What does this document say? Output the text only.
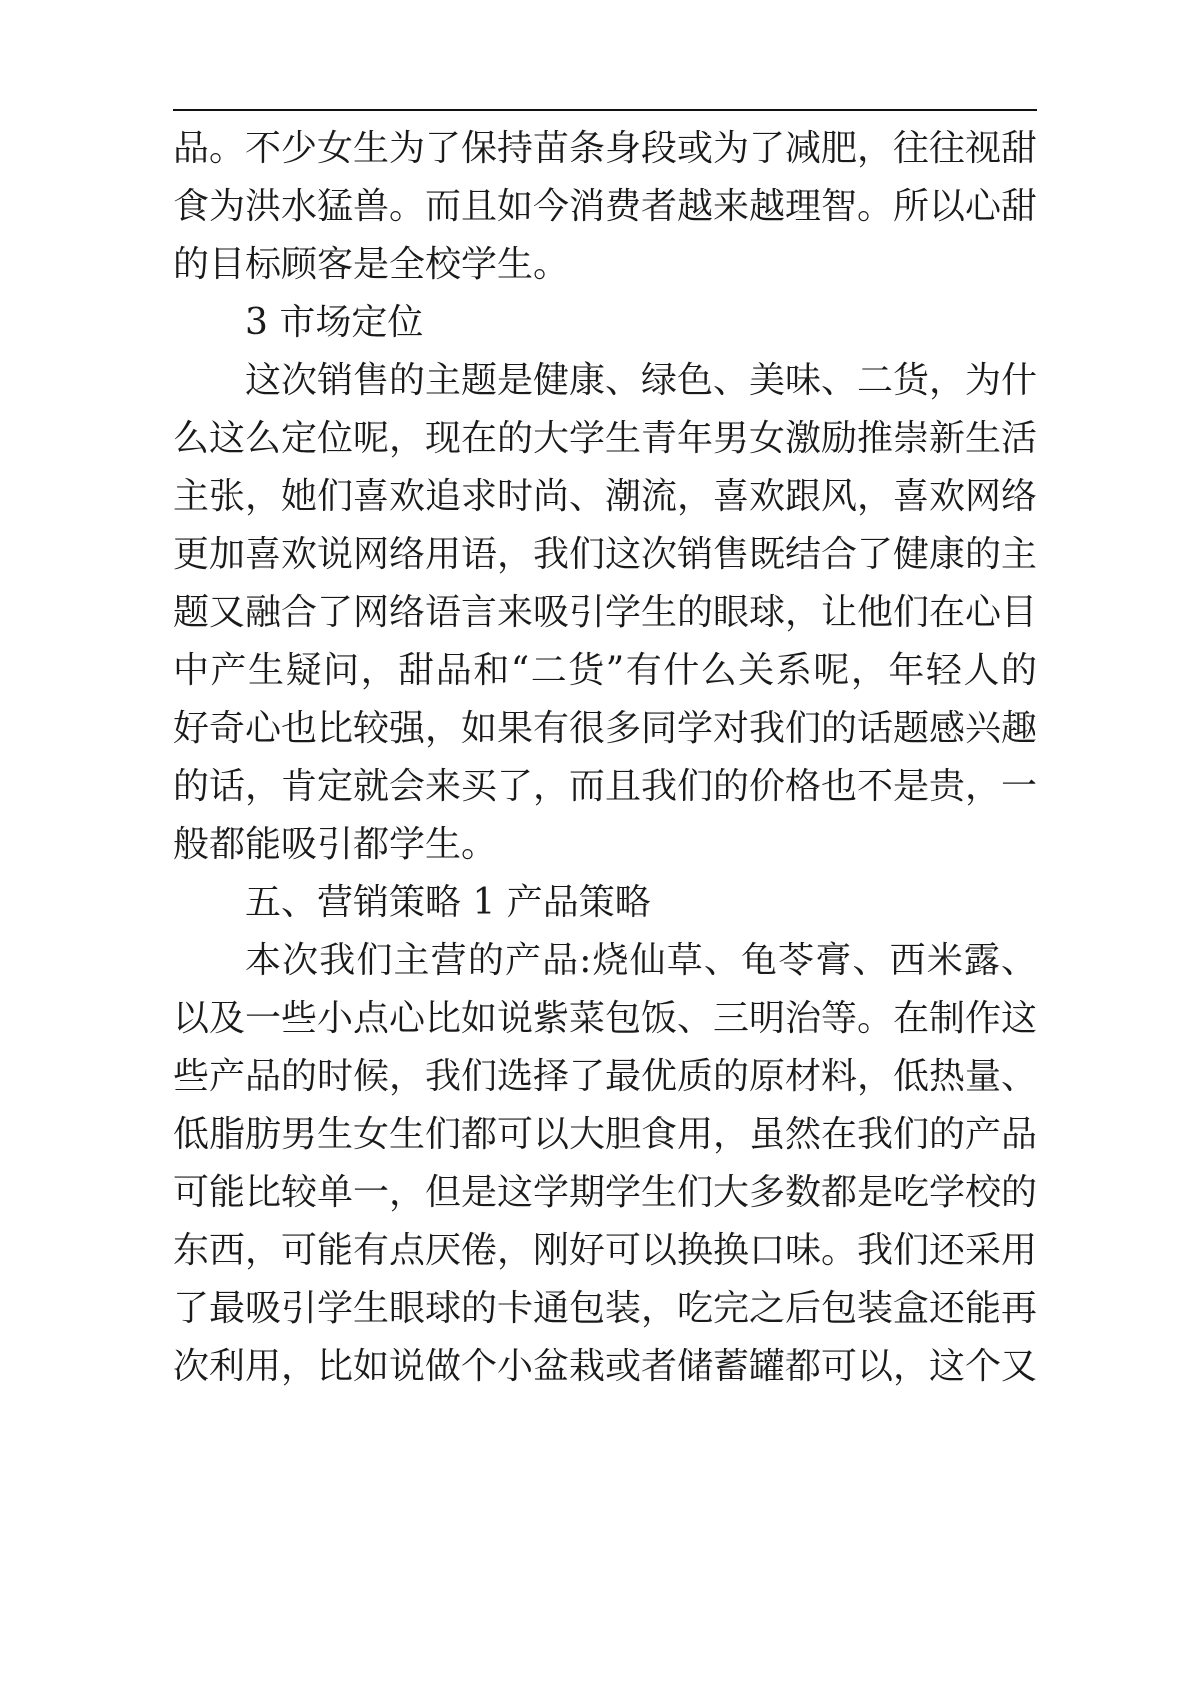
品。不少女生为了保持苗条身段或为了减肥，往往视甜
食为洪水猛兽。而且如今消费者越来越理智。所以心甜
的目标顾客是全校学生。
3 市场定位
这次销售的主题是健康、绿色、美味、二货，为什
么这么定位呢，现在的大学生青年男女激励推崇新生活
主张，她们喜欢追求时尚、潮流，喜欢跟风，喜欢网络
更加喜欢说网络用语，我们这次销售既结合了健康的主
题又融合了网络语言来吸引学生的眼球，让他们在心目
中产生疑问，甜品和“二货”有什么关系呢，年轻人的
好奇心也比较强，如果有很多同学对我们的话题感兴趣
的话，肯定就会来买了，而且我们的价格也不是贵，一
般都能吸引都学生。
五、营销策略 1 产品策略
本次我们主营的产品:烧仙草、龟苓膏、西米露、
以及一些小点心比如说紫菜包饭、三明治等。在制作这
些产品的时候，我们选择了最优质的原材料，低热量、
低脂肪男生女生们都可以大胆食用，虽然在我们的产品
可能比较单一，但是这学期学生们大多数都是吃学校的
东西，可能有点厌倦，刚好可以换换口味。我们还采用
了最吸引学生眼球的卡通包装，吃完之后包装盒还能再
次利用，比如说做个小盆栽或者储蓄罐都可以，这个又
